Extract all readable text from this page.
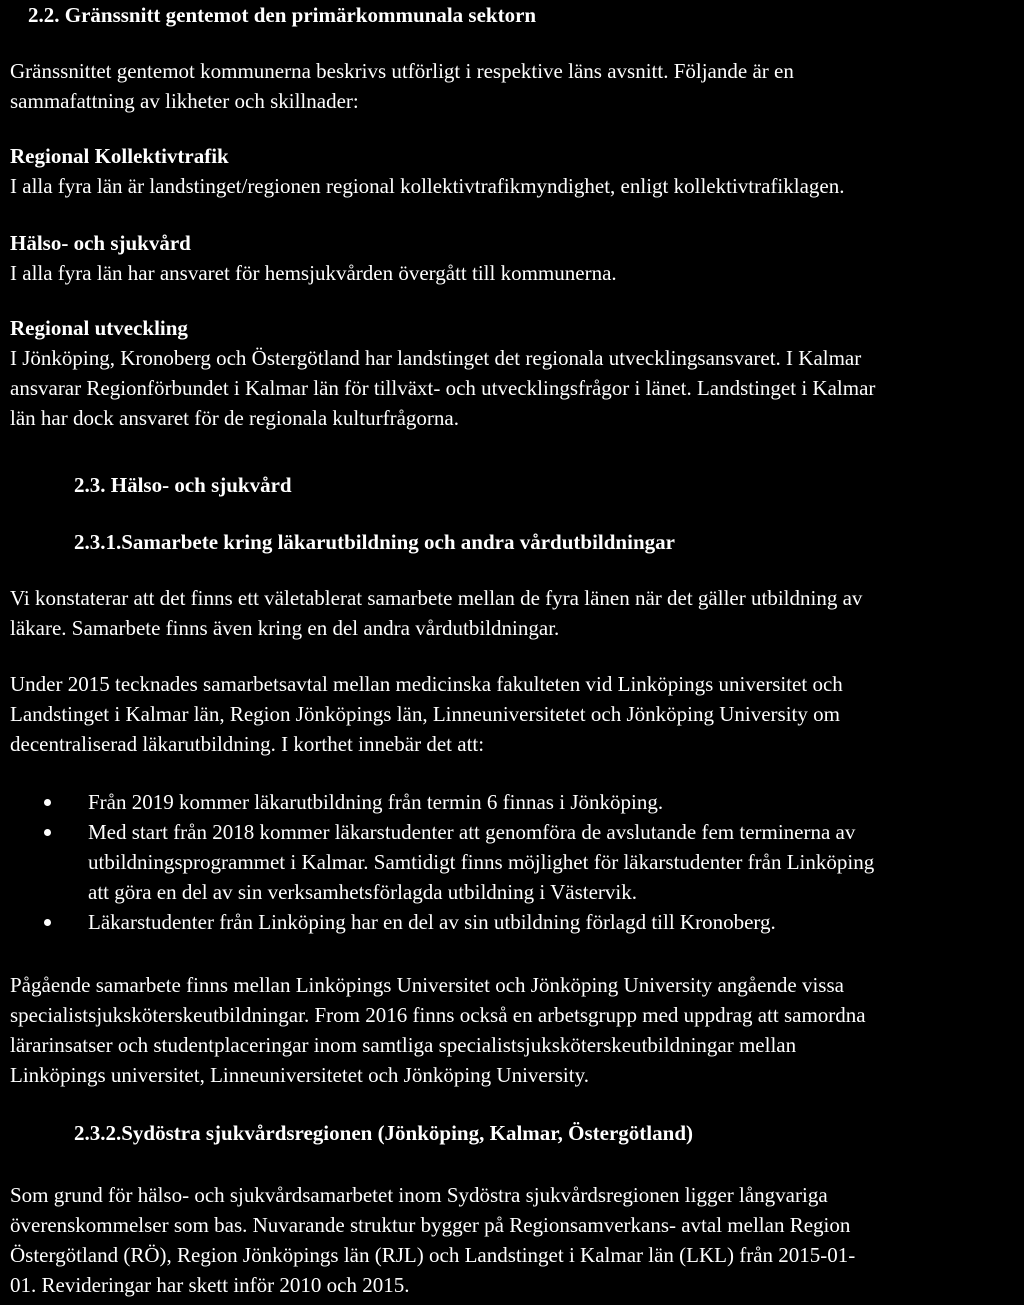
2.2. Gränssnitt gentemot den primärkommunala sektorn
Gränssnittet gentemot kommunerna beskrivs utförligt i respektive läns avsnitt. Följande är en
sammafattning av likheter och skillnader:
Regional Kollektivtrafik
I alla fyra län är landstinget/regionen regional kollektivtrafikmyndighet, enligt kollektivtrafiklagen.
Hälso- och sjukvård
I alla fyra län har ansvaret för hemsjukvården övergått till kommunerna.
Regional utveckling
I Jönköping, Kronoberg och Östergötland har landstinget det regionala utvecklingsansvaret. I Kalmar
ansvarar Regionförbundet i Kalmar län för tillväxt- och utvecklingsfrågor i länet. Landstinget i Kalmar
län har dock ansvaret för de regionala kulturfrågorna.
2.3. Hälso- och sjukvård
2.3.1.Samarbete kring läkarutbildning och andra vårdutbildningar
Vi konstaterar att det finns ett väletablerat samarbete mellan de fyra länen när det gäller utbildning av
läkare. Samarbete finns även kring en del andra vårdutbildningar.
Under 2015 tecknades samarbetsavtal mellan medicinska fakulteten vid Linköpings universitet och
Landstinget i Kalmar län, Region Jönköpings län, Linneuniversitetet och Jönköping University om
decentraliserad läkarutbildning. I korthet innebär det att:
Från 2019 kommer läkarutbildning från termin 6 finnas i Jönköping.
Med start från 2018 kommer läkarstudenter att genomföra de avslutande fem terminerna av
utbildningsprogrammet i Kalmar. Samtidigt finns möjlighet för läkarstudenter från Linköping
att göra en del av sin verksamhetsförlagda utbildning i Västervik.
Läkarstudenter från Linköping har en del av sin utbildning förlagd till Kronoberg.
Pågående samarbete finns mellan Linköpings Universitet och Jönköping University angående vissa
specialistsjuksköterskeutbildningar. From 2016 finns också en arbetsgrupp med uppdrag att samordna
lärarinsatser och studentplaceringar inom samtliga specialistsjuksköterskeutbildningar mellan
Linköpings universitet, Linneuniversitetet och Jönköping University.
2.3.2.Sydöstra sjukvårdsregionen (Jönköping, Kalmar, Östergötland)
Som grund för hälso- och sjukvårdsamarbetet inom Sydöstra sjukvårdsregionen ligger långvariga
överenskommelser som bas. Nuvarande struktur bygger på Regionsamverkans- avtal mellan Region
Östergötland (RÖ), Region Jönköpings län (RJL) och Landstinget i Kalmar län (LKL) från 2015-01-
01. Revideringar har skett inför 2010 och 2015.
